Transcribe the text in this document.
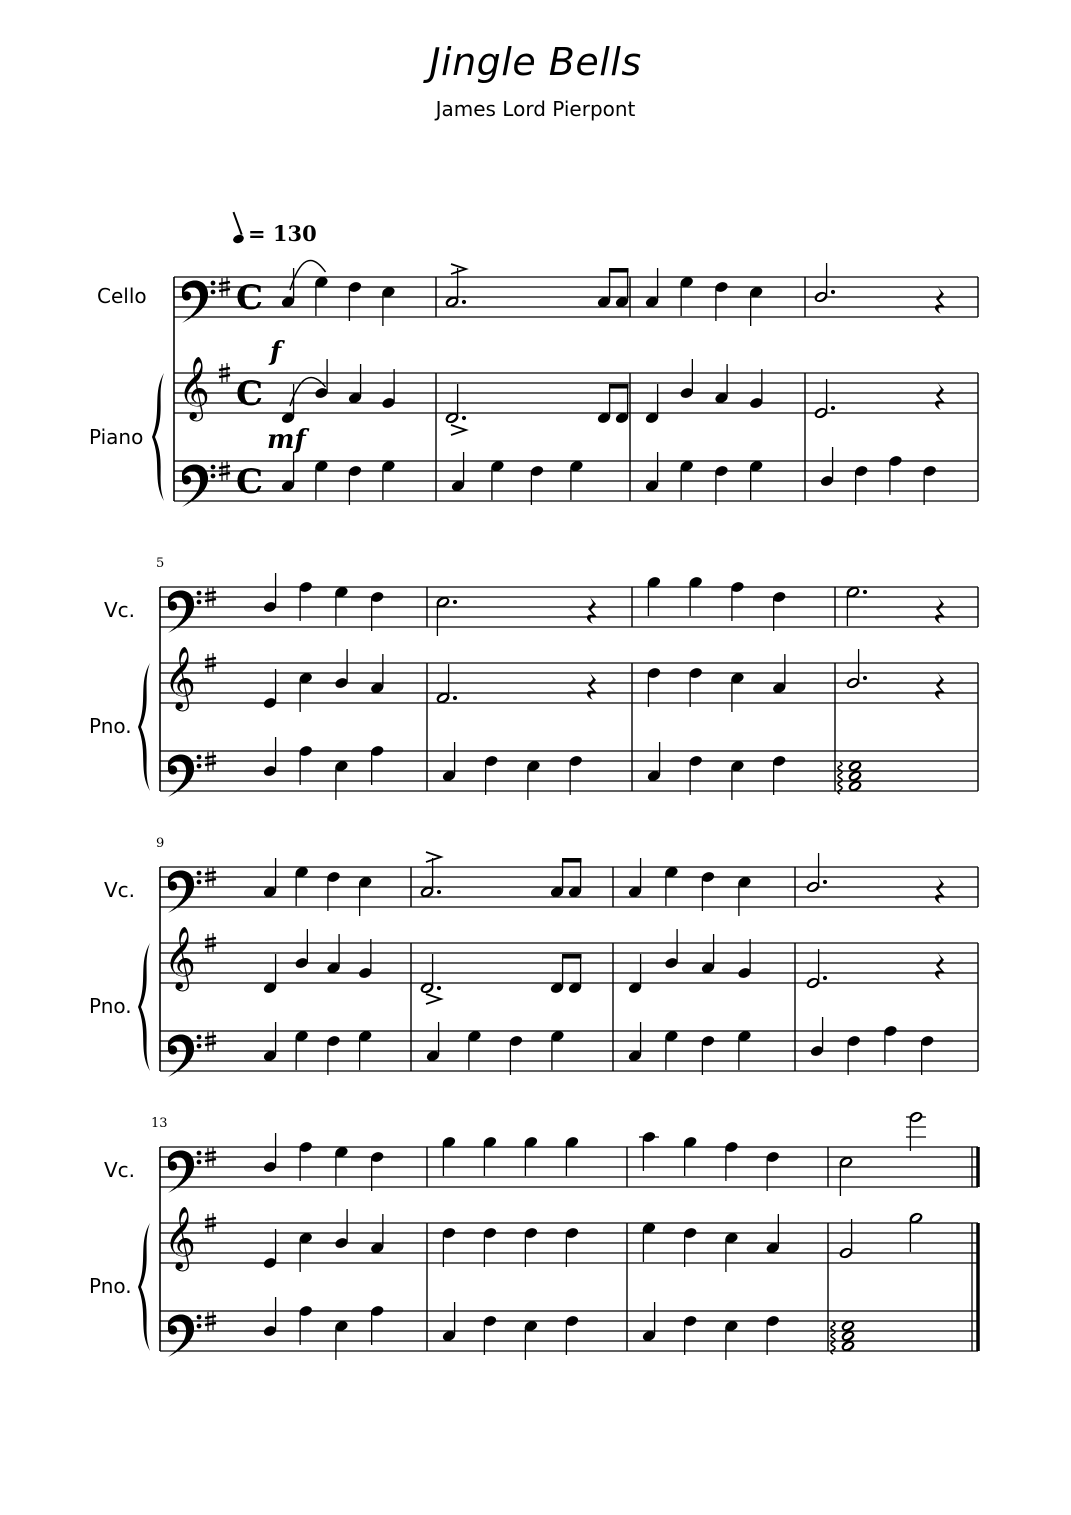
Jingle Bells
James Lord Pierpont
= 130
Cello
Piano
Vc.
Pno.
Vc.
Pno.
Vc.
Pno.
5
9
13
𝄞
C
C
C
𝄞
𝄞
𝄞
f
mf
